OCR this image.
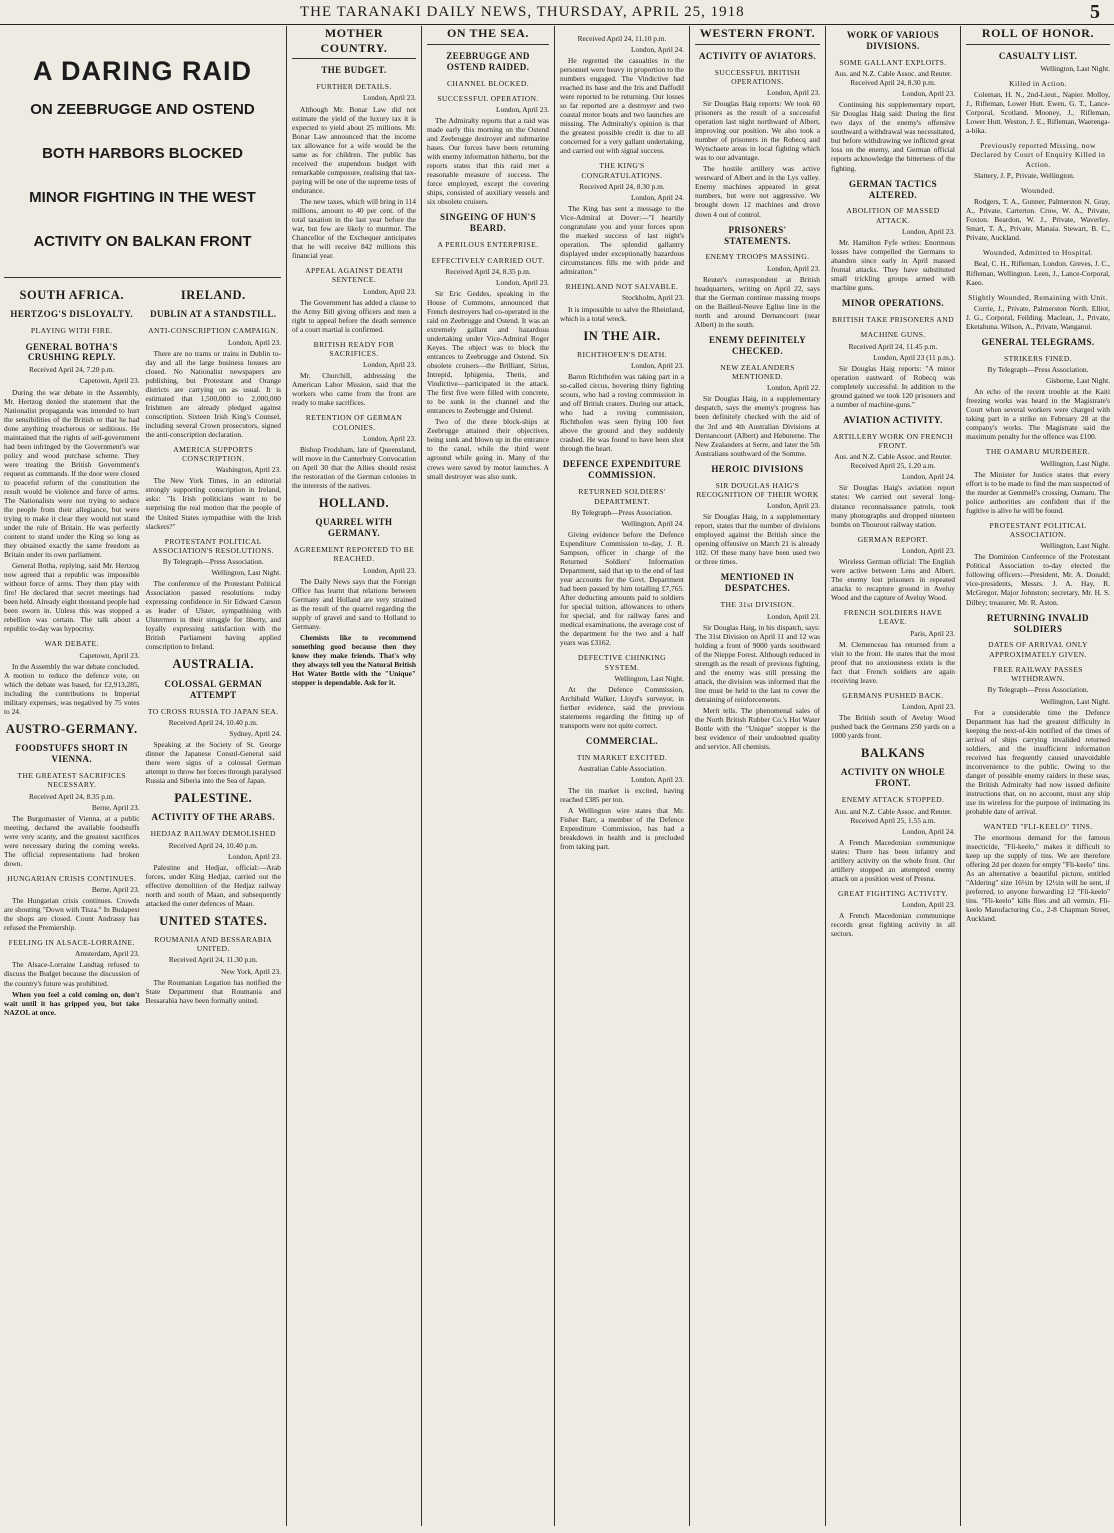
THE TARANAKI DAILY NEWS, THURSDAY, APRIL 25, 1918	5
A DARING RAID
ON ZEEBRUGGE AND OSTEND
BOTH HARBORS BLOCKED
MINOR FIGHTING IN THE WEST
ACTIVITY ON BALKAN FRONT
SOUTH AFRICA.
HERTZOG'S DISLOYALTY.
PLAYING WITH FIRE.
GENERAL BOTHA'S CRUSHING REPLY.
Received April 24, 7.20 p.m.
Capetown, April 23.

During the war debate in the Assembly, Mr. Hertzog denied the statement that the Nationalist propaganda was intended to hurt the sensibilities of the British or that he had done anything treacherous or seditious. He maintained that the rights of self-government had been infringed by the Government's war policy and wood purchase scheme. They were treating the British Government's request as commands. If the door were closed to peaceful reform of the constitution the result would be violence and force of arms. The Nationalists were not trying to seduce the people from their allegiance, but were trying to make it clear they would not stand under the rule of Britain. He was perfectly content to stand under the King so long as they obtained exactly the same freedom as Britain under its own parliament.

General Botha, replying, said Mr. Hertzog now agreed that a republic was impossible without force of arms. They then play with fire! He declared that secret meetings had been held. Already eight thousand people had been sworn in. Unless this was stopped a rebellion was certain. The talk about a republic to-day was hypocrisy.

WAR DEBATE.
Capetown, April 23.

In the Assembly the war debate concluded. A motion to reduce the defence vote, on which the debate was based, for £2,913,285, including the contributions to Imperial military expenses, was negatived by 75 votes to 24.

AUSTRO-GERMANY.
FOODSTUFFS SHORT IN VIENNA.
THE GREATEST SACRIFICES NECESSARY.
Received April 24, 8.35 p.m.
Berne, April 23.

The Burgomaster of Vienna, at a public meeting, declared the available foodstuffs were very scanty, and the greatest sacrifices were necessary during the coming weeks. The official representations had broken down.

HUNGARIAN CRISIS CONTINUES.
Berne, April 23.

The Hungarian crisis continues. Crowds are shouting "Down with Tisza." In Budapest the shops are closed. Count Andrassy has refused the Premiership.

FEELING IN ALSACE-LORRAINE.
Amsterdam, April 23.

The Alsace-Lorraine Landtag refused to discuss the Budget because the discussion of the country's future was prohibited.

When you feel a cold coming on, don't wait until it has gripped you, but take NAZOL at once.

IRELAND.
DUBLIN AT A STANDSTILL.
ANTI-CONSCRIPTION CAMPAIGN.
London, April 23.

There are no trams or trains in Dublin to-day and all the large business houses are closed. No Nationalist newspapers are publishing, but Protestant and Orange districts are carrying on as usual. It is estimated that 1,500,000 to 2,000,000 Irishmen are already pledged against conscription. Sixteen Irish King's Counsel, including several Crown prosecutors, signed the anti-conscription declaration.

AMERICA SUPPORTS CONSCRIPTION.
Washington, April 23.

The New York Times, in an editorial strongly supporting conscription in Ireland, asks: "Is Irish politicians want to be surprising the real motion that the people of the United States sympathise with the Irish slackers?"

PROTESTANT POLITICAL ASSOCIATION'S RESOLUTIONS.
By Telegraph—Press Association.
Wellington, Last Night.

The conference of the Protestant Political Association passed resolutions today expressing confidence in Sir Edward Carson as leader of Ulster, sympathising with Ulstermen in their struggle for liberty, and loyally expressing satisfaction with the British Parliament having applied conscription to Ireland.

AUSTRALIA.
COLOSSAL GERMAN ATTEMPT
TO CROSS RUSSIA TO JAPAN SEA.
Received April 24, 10.40 p.m.
Sydney, April 24.

Speaking at the Society of St. George dinner the Japanese Consul-General said there were signs of a colossal German attempt to throw her forces through paralysed Russia and Siberia into the Sea of Japan.

PALESTINE.
ACTIVITY OF THE ARABS.
HEDJAZ RAILWAY DEMOLISHED
Received April 24, 10.40 p.m.
London, April 23.

Palestine and Hedjaz, official:—Arab forces, under King Hedjaz, carried out the effective demolition of the Hedjaz railway north and south of Maan, and subsequently attacked the outer defences of Maan.

UNITED STATES.
ROUMANIA AND BESSARABIA UNITED.
Received April 24, 11.30 p.m.
New York, April 23.

The Roumanian Legation has notified the State Department that Roumania and Bessarabia have been formally united.

MOTHER COUNTRY.
THE BUDGET.
FURTHER DETAILS.
London, April 23.

Although Mr. Bonar Law did not estimate the yield of the luxury tax it is expected to yield about 25 millions. Mr. Bonar Law announced that the income tax allowance for a wife would be the same as for children. The public has received the stupendous budget with remarkable composure, realising that tax-paying will be one of the supreme tests of endurance.

The new taxes, which will bring in 114 millions, amount to 40 per cent. of the total taxation in the last year before the war, but few are likely to murmur. The Chancellor of the Exchequer anticipates that he will receive 842 millions this financial year.

APPEAL AGAINST DEATH SENTENCE.
London, April 23.

The Government has added a clause to the Army Bill giving officers and men a right to appeal before the death sentence of a court martial is confirmed.

BRITISH READY FOR SACRIFICES.
London, April 23.

Mr. Churchill, addressing the American Labor Mission, said that the workers who came from the front are ready to make sacrifices.

RETENTION OF GERMAN COLONIES.
London, April 23.

Bishop Frodsham, late of Queensland, will move in the Canterbury Convocation on April 30 that the Allies should resist the restoration of the German colonies in the interests of the natives.

HOLLAND.
QUARREL WITH GERMANY.
AGREEMENT REPORTED TO BE REACHED.
London, April 23.

The Daily News says that the Foreign Office has learnt that relations between Germany and Holland are very strained as the result of the quarrel regarding the supply of gravel and sand to Holland to Germany.

Chemists like to recommend something good because then they know they make friends. That's why they always tell you the Natural British Hot Water Bottle with the "Unique" stopper is dependable. Ask for it.

ON THE SEA.
ZEEBRUGGE AND OSTEND RAIDED.
CHANNEL BLOCKED.
SUCCESSFUL OPERATION.
London, April 23.

The Admiralty reports that a raid was made early this morning on the Ostend and Zeebrugge destroyer and submarine bases. Our forces have been returning with enemy information hitherto, but the reports states that this raid met a reasonable measure of success. The force employed, except the covering ships, consisted of auxiliary vessels and six obsolete cruisers.

SINGEING OF HUN'S BEARD.
A PERILOUS ENTERPRISE.
EFFECTIVELY CARRIED OUT.
Received April 24, 8.35 p.m.
London, April 23.

Sir Eric Geddes, speaking in the House of Commons, announced that French destroyers had co-operated in the raid on Zeebrugge and Ostend. It was an extremely gallant and hazardous undertaking under Vice-Admiral Roger Keyes. The object was to block the entrances to Zeebrugge and Ostend. Six obsolete cruisers—the Brilliant, Sirius, Intrepid, Iphigenia, Thetis, and Vindictive—participated in the attack. The first five were filled with concrete, to be sunk in the channel and the entrances to Zeebrugge and Ostend.

Two of the three block-ships at Zeebrugge attained their objectives, being sunk and blown up in the entrance to the canal, while the third went aground while going in. Many of the crews were saved by motor launches. A small destroyer was also sunk.

Received April 24, 11.10 p.m.
London, April 24.

He regretted the casualties in the personnel were heavy in proportion to the numbers engaged. The Vindictive had reached its base and the Iris and Daffodil were reported to be returning. Our losses so far reported are a destroyer and two coastal motor boats and two launches are missing. The Admiralty's opinion is that the greatest possible credit is due to all concerned for a very gallant undertaking, and carried out with signal success.

THE KING'S CONGRATULATIONS.
Received April 24, 8.30 p.m.
London, April 24.

The King has sent a message to the Vice-Admiral at Dover:—"I heartily congratulate you and your forces upon the marked success of last night's operation. The splendid gallantry displayed under exceptionally hazardous circumstances fills me with pride and admiration."

RHEINLAND NOT SALVABLE.
Stockholm, April 23.

It is impossible to salve the Rheinland, which is a total wreck.

IN THE AIR.
RICHTHOFEN'S DEATH.
London, April 23.

Baron Richthofen was taking part in a so-called circus, hovering thirty fighting scouts, who had a roving commission in and off British craters. During our attack, who had a roving commission, Richthofen was seen flying 100 feet above the ground and they suddenly crashed. He was found to have been shot through the heart.

DEFENCE EXPENDITURE COMMISSION.
RETURNED SOLDIERS' DEPARTMENT.
By Telegraph—Press Association.
Wellington, April 24.

Giving evidence before the Defence Expenditure Commission to-day, J. R. Sampson, officer in charge of the Returned Soldiers' Information Department, said that up to the end of last year accounts for the Govt. Department had been passed by him totalling £7,765. After deducting amounts paid to soldiers for special tuition, allowances to others for special, and for railway fares and medical examinations, the average cost of the department for the two and a half years was £3162.

DEFECTIVE CHINKING SYSTEM.
Wellington, Last Night.

At the Defence Commission, Archibald Walker, Lloyd's surveyor, in further evidence, said the previous statements regarding the fitting up of transports were not quite correct.

COMMERCIAL.
TIN MARKET EXCITED.
Australian Cable Association.
London, April 23.

The tin market is excited, having reached £385 per ton.

A Wellington wire states that Mr. Fisher Barr, a member of the Defence Expenditure Commission, has had a breakdown in health and is precluded from taking part.

WESTERN FRONT.
ACTIVITY OF AVIATORS.
SUCCESSFUL BRITISH OPERATIONS.
London, April 23.

Sir Douglas Haig reports: We took 60 prisoners as the result of a successful operation last night northward of Albert, improving our position. We also took a number of prisoners in the Robecq and Wytschaete areas in local fighting which was to our advantage.

The hostile artillery was active westward of Albert and in the Lys valley. Enemy machines appeared in great numbers, but were not aggressive. We brought down 12 machines and drove down 4 out of control.

PRISONERS' STATEMENTS.
ENEMY TROOPS MASSING.
London, April 23.

Reuter's correspondent at British headquarters, writing on April 22, says that the German continue massing troops on the Bailleul-Neuve Eglise line in the north and around Dernancourt (near Albert) in the south.

ENEMY DEFINITELY CHECKED.
NEW ZEALANDERS MENTIONED.
London, April 22.

Sir Douglas Haig, in a supplementary despatch, says the enemy's progress has been definitely checked with the aid of the 3rd and 4th Australian Divisions at Dernancourt (Albert) and Hebuterne. The New Zealanders at Serre, and later the 5th Australians southward of the Somme.

HEROIC DIVISIONS
SIR DOUGLAS HAIG'S RECOGNITION OF THEIR WORK
London, April 23.

Sir Douglas Haig, in a supplementary report, states that the number of divisions employed against the British since the opening offensive on March 21 is already 102. Of these many have been used two or three times.

MENTIONED IN DESPATCHES.
THE 31st DIVISION.
London, April 23.

Sir Douglas Haig, in his dispatch, says: The 31st Division on April 11 and 12 was holding a front of 9000 yards southward of the Nieppe Forest. Although reduced in strength as the result of previous fighting, and the enemy was still pressing the attack, the division was informed that the line must be held to the last to cover the detraining of reinforcements.

Merit tells. The phenomenal sales of the North British Rubber Co.'s Hot Water Bottle with the "Unique" stopper is the best evidence of their undoubted quality and service. All chemists.

WORK OF VARIOUS DIVISIONS.
SOME GALLANT EXPLOITS.
Aus. and N.Z. Cable Assoc. and Reuter. Received April 24, 8.30 p.m.
London, April 23.

Continuing his supplementary report, Sir Douglas Haig said: During the first two days of the enemy's offensive southward a withdrawal was necessitated, but before withdrawing we inflicted great loss on the enemy, and German official reports acknowledge the bitterness of the fighting.

GERMAN TACTICS ALTERED.
ABOLITION OF MASSED ATTACK.
London, April 23.

Mr. Hamilton Fyfe writes: Enormous losses have compelled the Germans to abandon since early in April massed frontal attacks. They have substituted small trickling groups armed with machine guns.

MINOR OPERATIONS.
BRITISH TAKE PRISONERS AND
MACHINE GUNS.
Received April 24, 11.45 p.m.
London, April 23 (11 p.m.).

Sir Douglas Haig reports: "A minor operation eastward of Robecq was completely successful. In addition to the ground gained we took 120 prisoners and a number of machine-guns."

AVIATION ACTIVITY.
ARTILLERY WORK ON FRENCH FRONT.
Aus. and N.Z. Cable Assoc. and Reuter. Received April 25, 1.20 a.m.
London, April 24.

Sir Douglas Haig's aviation report states: We carried out several long-distance reconnaissance patrols, took many photographs and dropped nineteen bombs on Thourout railway station.

GERMAN REPORT.
London, April 23.

Wireless German official: The English were active between Lens and Albert. The enemy lost prisoners in repeated attacks to recapture ground in Aveluy Wood and the capture of Aveluy Wood.

FRENCH SOLDIERS HAVE LEAVE.
Paris, April 23.

M. Clemenceau has returned from a visit to the front. He states that the most proof that no anxiousness exists is the fact that French soldiers are again receiving leave.

GERMANS PUSHED BACK.
London, April 23.

The British south of Aveluy Wood pushed back the Germans 250 yards on a 1000 yards front.

BALKANS
ACTIVITY ON WHOLE FRONT.
ENEMY ATTACK STOPPED.
Aus. and N.Z. Cable Assoc. and Reuter. Received April 25, 1.55 a.m.
London, April 24.

A French Macedonian communique states: There has been infantry and artillery activity on the whole front. Our artillery stopped an attempted enemy attack on a position west of Presna.

GREAT FIGHTING ACTIVITY.
London, April 23.

A French Macedonian communique records great fighting activity in all sectors.

ROLL OF HONOR.
CASUALTY LIST.
Wellington, Last Night.
Killed in Action.

Coleman, H. N., 2nd-Lieut., Napier. Molloy, J., Rifleman, Lower Hutt. Ewen, G. T., Lance-Corporal, Scotland. Mooney, J., Rifleman, Lower Hutt. Weston, J. E., Rifleman, Waerenga-a-hika.

Previously reported Missing, now Declared by Court of Enquiry Killed in Action.

Slattery, J. P., Private, Wellington.

Wounded.

Rodgers, T. A., Gunner, Palmerston N. Gray, A., Private, Carterton. Crow, W. A., Private, Foxton. Beardon, W. J., Private, Waverley. Smart, T. A., Private, Manaia. Stewart, B. C., Private, Auckland.

Wounded, Admitted to Hospital.

Beal, C. H., Rifleman, London. Greves, J. C., Rifleman, Wellington. Leen, J., Lance-Corporal, Kaeo.

Slightly Wounded, Remaining with Unit.

Corrie, J., Private, Palmerston North. Elliot, J. G., Corporal, Feilding. Maclean, J., Private, Eketahuna. Wilson, A., Private, Wanganui.

GENERAL TELEGRAMS.
STRIKERS FINED.
By Telegraph—Press Association.
Gisborne, Last Night.

An echo of the recent trouble at the Kaiti freezing works was heard in the Magistrate's Court when several workers were charged with taking part in a strike on February 28 at the company's works. The Magistrate said the maximum penalty for the offence was £100.

THE OAMARU MURDERER.
Wellington, Last Night.

The Minister for Justice states that every effort is to be made to find the man suspected of the murder at Gemmell's crossing, Oamaru. The police authorities are confident that if the fugitive is alive he will be found.

PROTESTANT POLITICAL ASSOCIATION.
Wellington, Last Night.

The Dominion Conference of the Protestant Political Association to-day elected the following officers:—President, Mr. A. Donald; vice-presidents, Messrs. J. A. Hay, R. McGregor, Major Johnston; secretary, Mr. H. S. Dilbry; treasurer, Mr. R. Aston.

RETURNING INVALID SOLDIERS
DATES OF ARRIVAL ONLY APPROXIMATELY GIVEN.
FREE RAILWAY PASSES WITHDRAWN.
By Telegraph—Press Association.
Wellington, Last Night.

For a considerable time the Defence Department has had the greatest difficulty in keeping the next-of-kin notified of the times of arrival of ships carrying invalided returned soldiers, and the insufficient information received has frequently caused unavoidable inconvenience to the public. Owing to the danger of possible enemy raiders in these seas, the British Admiralty had now issued definite instructions that, on no account, must any ship use its wireless for the purpose of intimating its probable date of arrival.

WANTED "FLI-KEELO" TINS.

The enormous demand for the famous insecticide, "Fli-keelo," makes it difficult to keep up the supply of tins. We are therefore offering 2d per dozen for empty "Fli-keelo" tins. As an alternative a beautiful picture, entitled "Aldering" size 16½in by 12½in will be sent, if preferred, to anyone forwarding 12 "Fli-keelo" tins. "Fli-keelo" kills flies and all vermin. Fli-keelo Manufacturing Co., 2-8 Chapman Street, Auckland.
